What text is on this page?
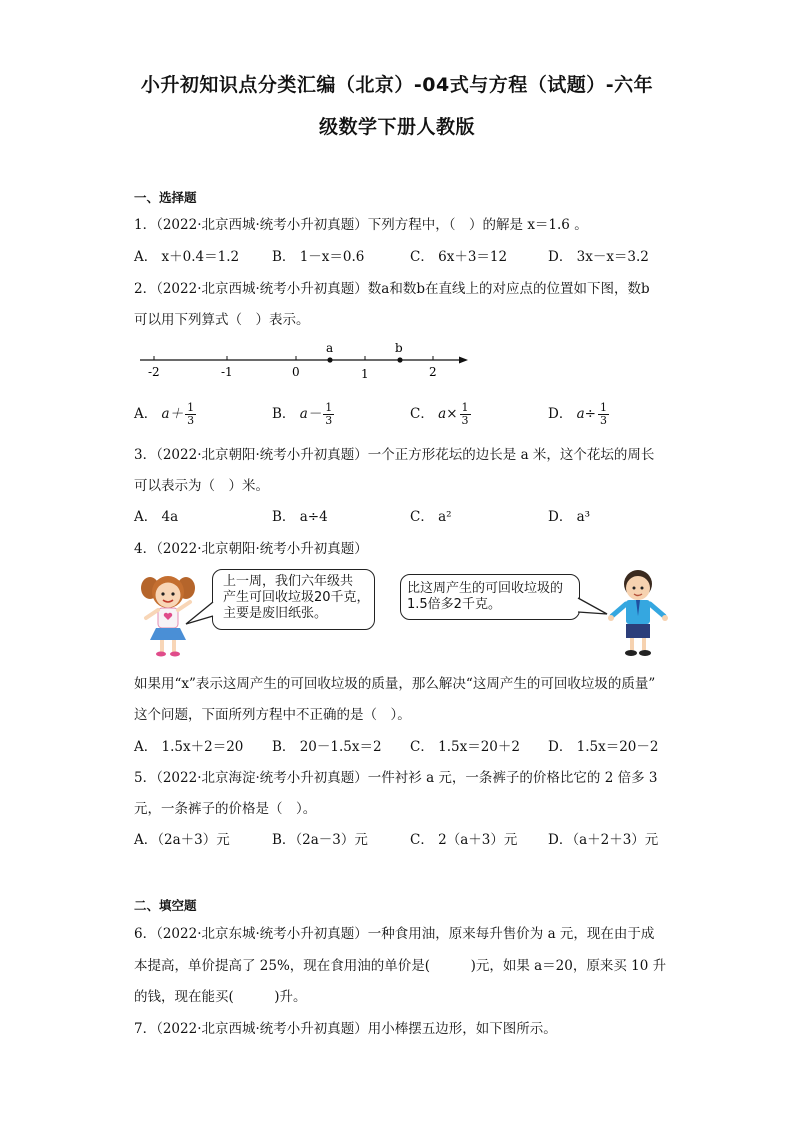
小升初知识点分类汇编（北京）-04式与方程（试题）-六年
级数学下册人教版
一、选择题
1．（2022·北京西城·统考小升初真题）下列方程中，（　）的解是 x＝1.6 。
A． x＋0.4＝1.2 B． 1－x＝0.6	C． 6x＋3＝12	D． 3x－x＝3.2
2．（2022·北京西城·统考小升初真题）数a和数b在直线上的对应点的位置如下图，数b
可以用下列算式（　）表示。
-2	-1	0	1	2
a	b
A． $a+ \frac{1}{3}$	B． $a- \frac{1}{3}$	C． $a\times \frac{1}{3}$	D． $a\div \frac{1}{3}$
3．（2022·北京朝阳·统考小升初真题）一个正方形花坛的边长是 a 米，这个花坛的周长
可以表示为（　）米。
A． 4a	B． a÷4	C． a²	D． a³
4．（2022·北京朝阳·统考小升初真题）
上一周，我们六年级共
产生可回收垃圾20千克，
主要是废旧纸张。
比这周产生的可回收垃圾的
1.5倍多2千克。
如果用“x”表示这周产生的可回收垃圾的质量，那么解决“这周产生的可回收垃圾的质量”
这个问题，下面所列方程中不正确的是（　）。
A． 1.5x＋2＝20 B． 20－1.5x＝2 C． 1.5x＝20＋2 D． 1.5x＝20－2
5．（2022·北京海淀·统考小升初真题）一件衬衫 a 元，一条裤子的价格比它的 2 倍多 3
元，一条裤子的价格是（　）。
A．（2a＋3）元	B．（2a－3）元	C． 2（a＋3）元 D．（a＋2＋3）元
二、填空题
6．（2022·北京东城·统考小升初真题）一种食用油，原来每升售价为 a 元，现在由于成
本提高，单价提高了 25%，现在食用油的单价是(　　　)元，如果 a＝20，原来买 10 升
的钱，现在能买(　　　)升。
7．（2022·北京西城·统考小升初真题）用小棒摆五边形，如下图所示。
